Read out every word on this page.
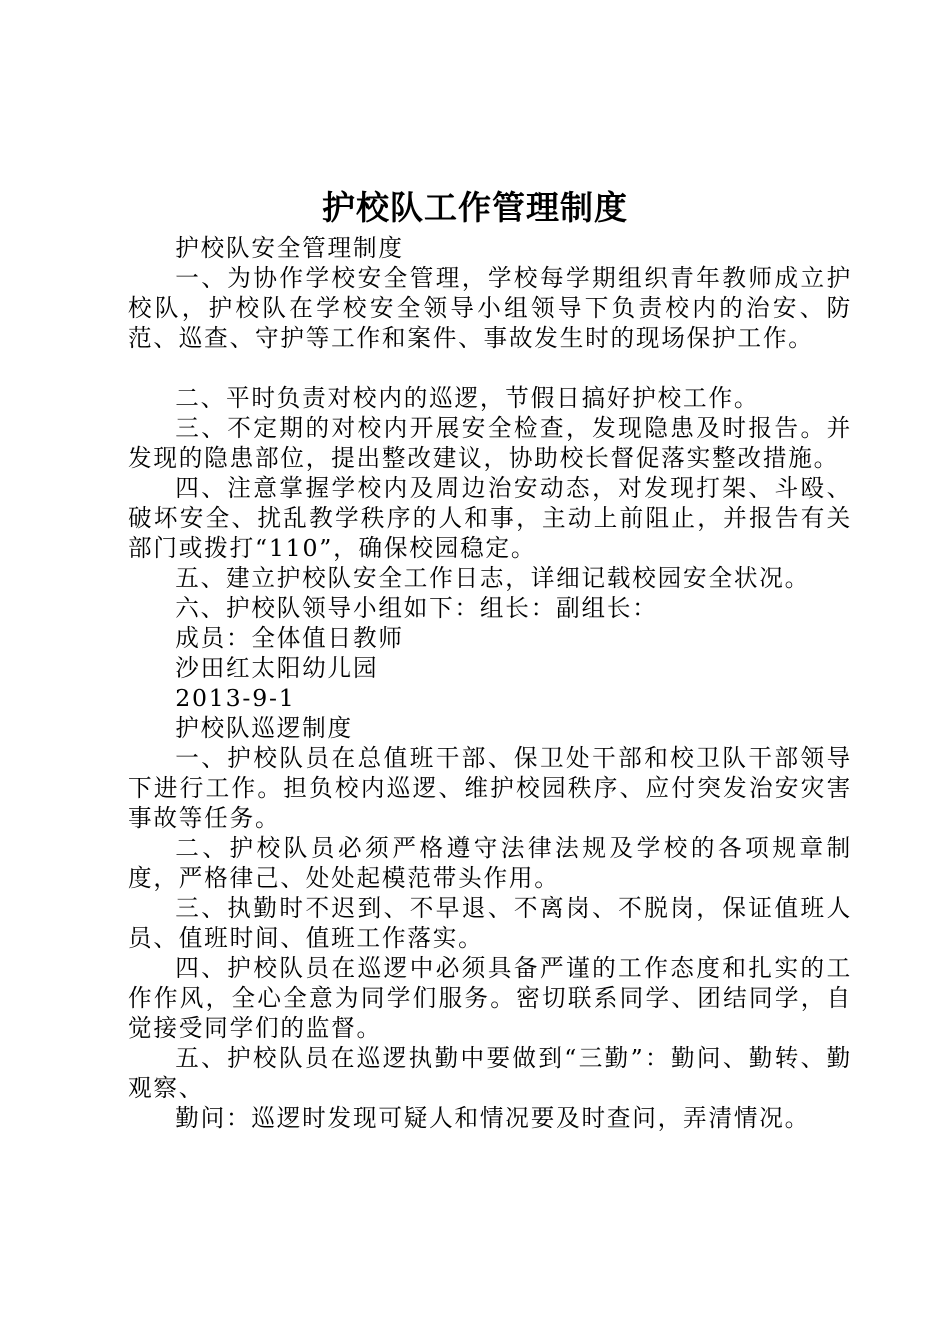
护校队工作管理制度

护校队安全管理制度

一、为协作学校安全管理，学校每学期组织青年教师成立护校队，护校队在学校安全领导小组领导下负责校内的治安、防范、巡查、守护等工作和案件、事故发生时的现场保护工作。

二、平时负责对校内的巡逻，节假日搞好护校工作。

三、不定期的对校内开展安全检查，发现隐患及时报告。并发现的隐患部位，提出整改建议，协助校长督促落实整改措施。

四、注意掌握学校内及周边治安动态，对发现打架、斗殴、破坏安全、扰乱教学秩序的人和事，主动上前阻止，并报告有关部门或拨打“110”，确保校园稳定。

五、建立护校队安全工作日志，详细记载校园安全状况。

六、护校队领导小组如下：组长：副组长：

成员：全体值日教师

沙田红太阳幼儿园

2013-9-1

护校队巡逻制度

一、护校队员在总值班干部、保卫处干部和校卫队干部领导下进行工作。担负校内巡逻、维护校园秩序、应付突发治安灾害事故等任务。

二、护校队员必须严格遵守法律法规及学校的各项规章制度，严格律己、处处起模范带头作用。

三、执勤时不迟到、不早退、不离岗、不脱岗，保证值班人员、值班时间、值班工作落实。

四、护校队员在巡逻中必须具备严谨的工作态度和扎实的工作作风，全心全意为同学们服务。密切联系同学、团结同学，自觉接受同学们的监督。

五、护校队员在巡逻执勤中要做到“三勤”：勤问、勤转、勤观察、

勤问：巡逻时发现可疑人和情况要及时查问，弄清情况。
